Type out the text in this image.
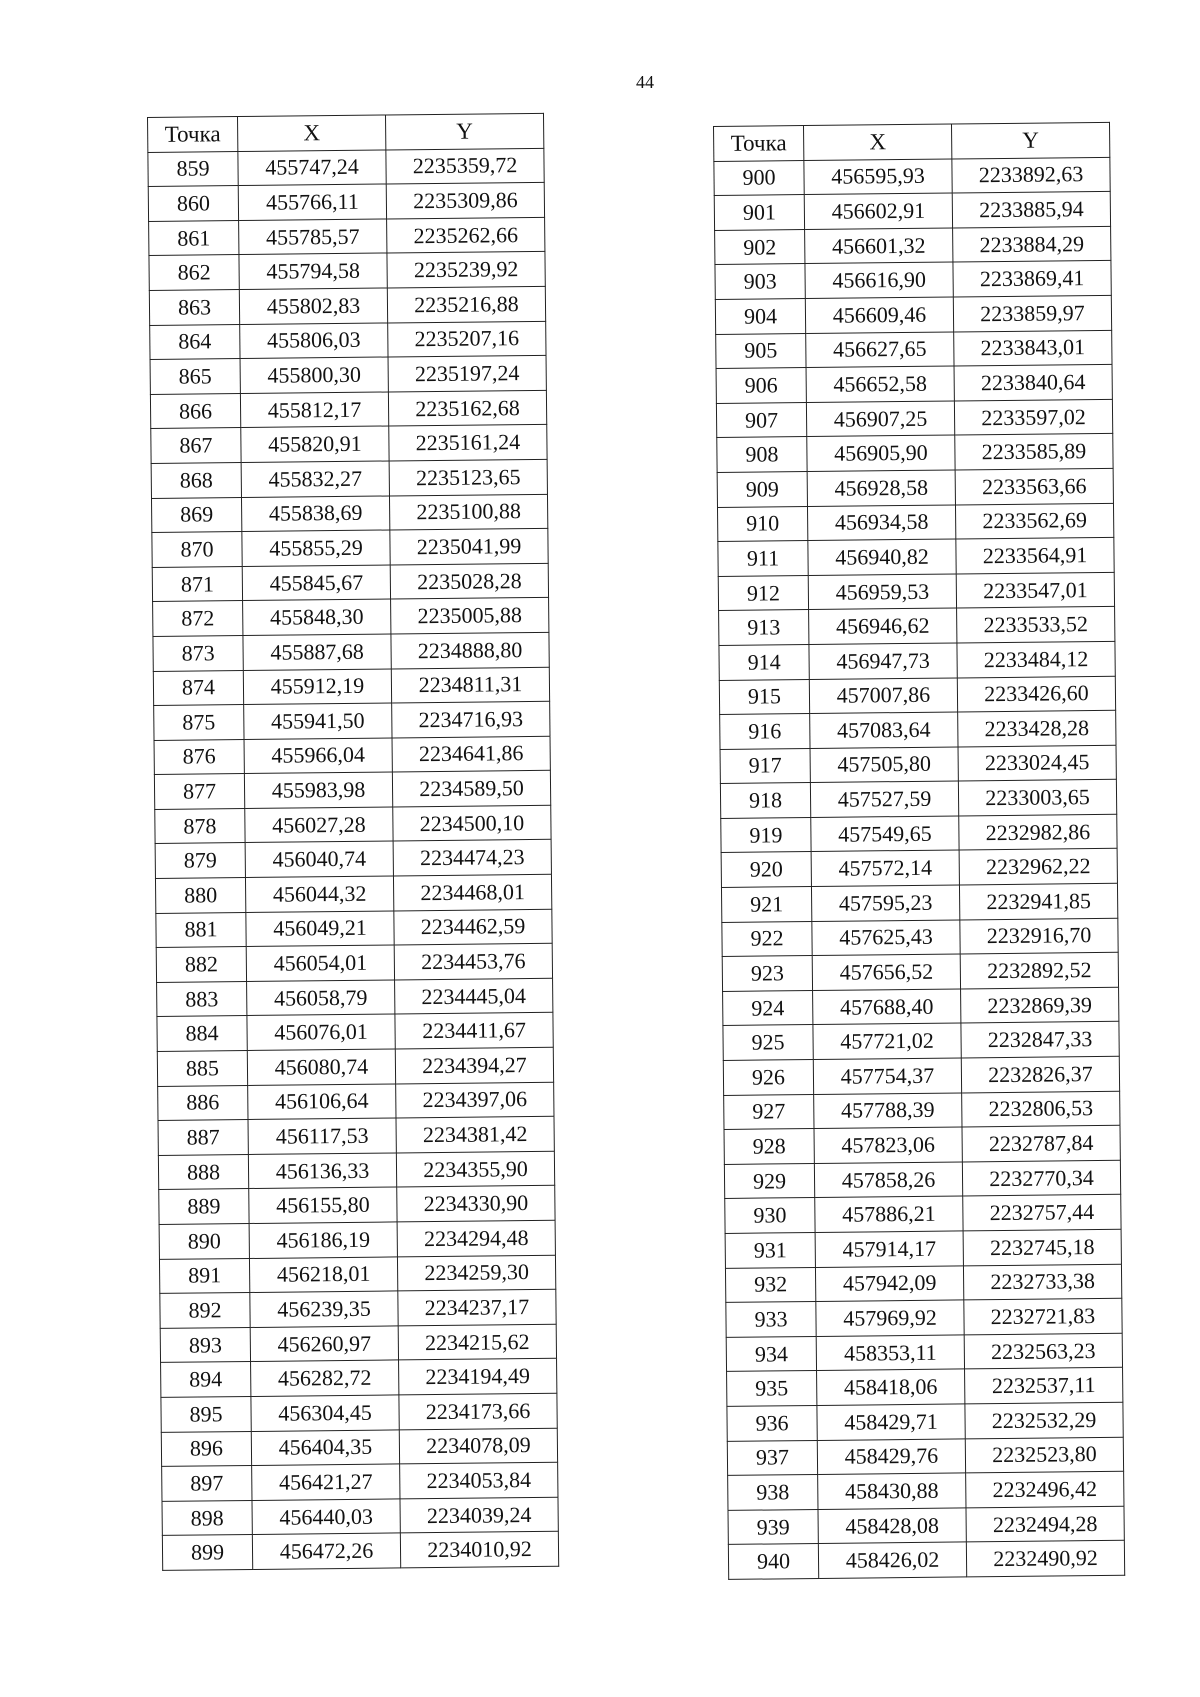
44
Точка	X	Y
859	455747,24	2235359,72
860	455766,11	2235309,86
861	455785,57	2235262,66
862	455794,58	2235239,92
863	455802,83	2235216,88
864	455806,03	2235207,16
865	455800,30	2235197,24
866	455812,17	2235162,68
867	455820,91	2235161,24
868	455832,27	2235123,65
869	455838,69	2235100,88
870	455855,29	2235041,99
871	455845,67	2235028,28
872	455848,30	2235005,88
873	455887,68	2234888,80
874	455912,19	2234811,31
875	455941,50	2234716,93
876	455966,04	2234641,86
877	455983,98	2234589,50
878	456027,28	2234500,10
879	456040,74	2234474,23
880	456044,32	2234468,01
881	456049,21	2234462,59
882	456054,01	2234453,76
883	456058,79	2234445,04
884	456076,01	2234411,67
885	456080,74	2234394,27
886	456106,64	2234397,06
887	456117,53	2234381,42
888	456136,33	2234355,90
889	456155,80	2234330,90
890	456186,19	2234294,48
891	456218,01	2234259,30
892	456239,35	2234237,17
893	456260,97	2234215,62
894	456282,72	2234194,49
895	456304,45	2234173,66
896	456404,35	2234078,09
897	456421,27	2234053,84
898	456440,03	2234039,24
899	456472,26	2234010,92
Точка	X	Y
900	456595,93	2233892,63
901	456602,91	2233885,94
902	456601,32	2233884,29
903	456616,90	2233869,41
904	456609,46	2233859,97
905	456627,65	2233843,01
906	456652,58	2233840,64
907	456907,25	2233597,02
908	456905,90	2233585,89
909	456928,58	2233563,66
910	456934,58	2233562,69
911	456940,82	2233564,91
912	456959,53	2233547,01
913	456946,62	2233533,52
914	456947,73	2233484,12
915	457007,86	2233426,60
916	457083,64	2233428,28
917	457505,80	2233024,45
918	457527,59	2233003,65
919	457549,65	2232982,86
920	457572,14	2232962,22
921	457595,23	2232941,85
922	457625,43	2232916,70
923	457656,52	2232892,52
924	457688,40	2232869,39
925	457721,02	2232847,33
926	457754,37	2232826,37
927	457788,39	2232806,53
928	457823,06	2232787,84
929	457858,26	2232770,34
930	457886,21	2232757,44
931	457914,17	2232745,18
932	457942,09	2232733,38
933	457969,92	2232721,83
934	458353,11	2232563,23
935	458418,06	2232537,11
936	458429,71	2232532,29
937	458429,76	2232523,80
938	458430,88	2232496,42
939	458428,08	2232494,28
940	458426,02	2232490,92
